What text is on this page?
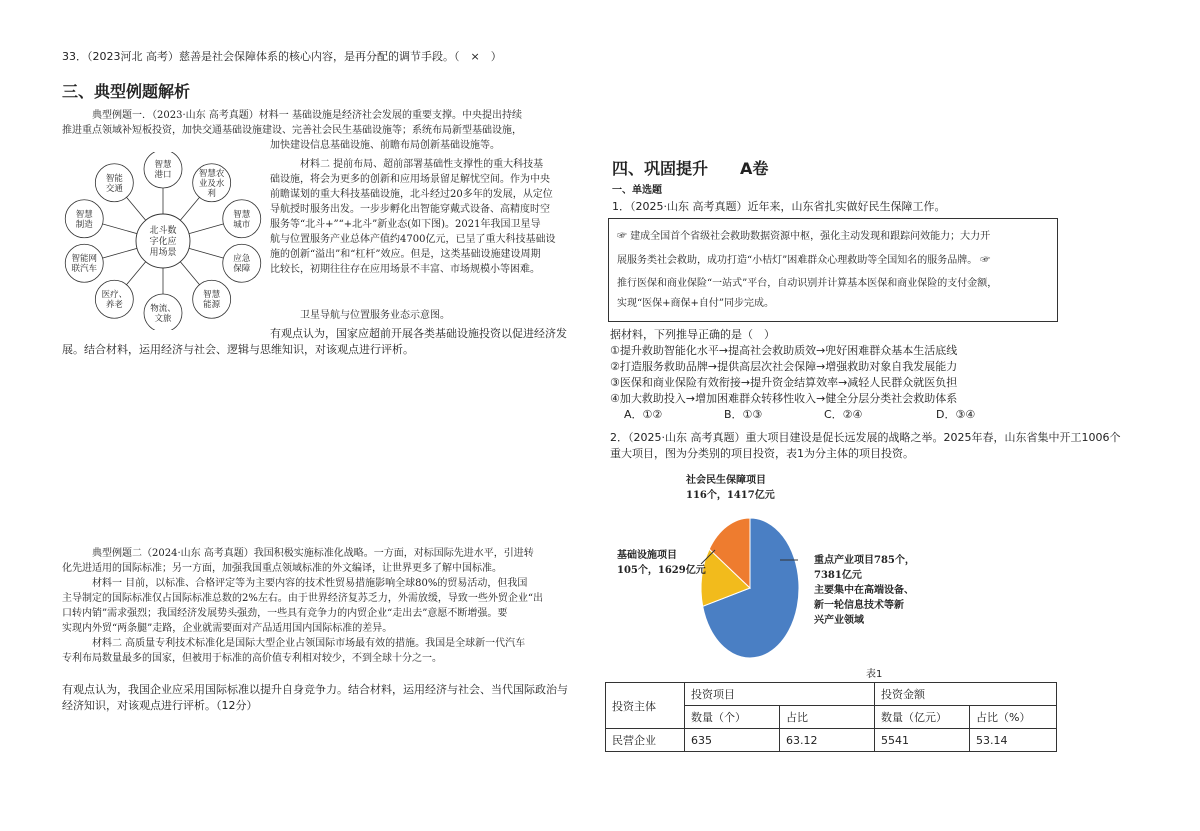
33．（2023河北 高考）慈善是社会保障体系的核心内容，是再分配的调节手段。（　×　）
三、典型例题解析
典型例题一．（2023·山东 高考真题）材料一 基础设施是经济社会发展的重要支撑。中央提出持续
推进重点领域补短板投资，加快交通基础设施建设、完善社会民生基础设施等；系统布局新型基础设施，
加快建设信息基础设施、前瞻布局创新基础设施等。
智慧港口	智慧农业及水利
智慧城市
应急保障
智慧能源
物流、文旅
医疗、养老
智能网联汽车
智慧制造
智能交通
北斗数字化应用场景
材料二 提前布局、超前部署基础性支撑性的重大科技基
础设施，将会为更多的创新和应用场景留足解忧空间。作为中央
前瞻谋划的重大科技基础设施，北斗经过20多年的发展，从定位
导航授时服务出发。一步步孵化出智能穿戴式设备、高精度时空
服务等“北斗+”“+北斗”新业态(如下图)。2021年我国卫星导
航与位置服务产业总体产值约4700亿元，已呈了重大科技基础设
施的创新“溢出”和“杠杆”效应。但是，这类基础设施建设周期
比较长，初期往往存在应用场景不丰富、市场规模小等困难。
卫星导航与位置服务业态示意图。
有观点认为，国家应超前开展各类基础设施投资以促进经济发
展。结合材料，运用经济与社会、逻辑与思维知识，对该观点进行评析。
典型例题二（2024·山东 高考真题）我国积极实施标准化战略。一方面，对标国际先进水平，引进转
化先进适用的国际标准；另一方面，加强我国重点领域标准的外文编译，让世界更多了解中国标准。
材料一 目前，以标准、合格评定等为主要内容的技术性贸易措施影响全球80%的贸易活动，但我国
主导制定的国际标准仅占国际标准总数的2%左右。由于世界经济复苏乏力，外需放缓，导致一些外贸企业“出
口转内销”需求强烈；我国经济发展势头强劲，一些具有竞争力的内贸企业“走出去”意愿不断增强。要
实现内外贸“两条腿”走路，企业就需要面对产品适用国内国际标准的差异。
材料二 高质量专利技术标准化是国际大型企业占领国际市场最有效的措施。我国是全球新一代汽车
专利布局数量最多的国家，但被用于标准的高价值专利相对较少，不到全球十分之一。
有观点认为，我国企业应采用国际标准以提升自身竞争力。结合材料，运用经济与社会、当代国际政治与
经济知识，对该观点进行评析。（12分）
四、巩固提升　　A卷
一、单选题
1．（2025·山东 高考真题）近年来，山东省扎实做好民生保障工作。
☞ 建成全国首个省级社会救助数据资源中枢，强化主动发现和跟踪问效能力；大力开
展服务类社会救助，成功打造“小桔灯”困难群众心理救助等全国知名的服务品牌。 ☞
推行医保和商业保险“一站式”平台，自动识别并计算基本医保和商业保险的支付金额，
实现“医保+商保+自付”同步完成。
据材料，下列推导正确的是（　）
①提升救助智能化水平→提高社会救助质效→兜好困难群众基本生活底线
②打造服务救助品牌→提供高层次社会保障→增强救助对象自我发展能力
③医保和商业保险有效衔接→提升资金结算效率→减轻人民群众就医负担
④加大救助投入→增加困难群众转移性收入→健全分层分类社会救助体系
A．①②	B．①③	C．②④	D．③④
2．（2025·山东 高考真题）重大项目建设是促长远发展的战略之举。2025年春，山东省集中开工1006个
重大项目，图为分类别的项目投资，表1为分主体的项目投资。
社会民生保障项目
116个，1417亿元
基础设施项目
105个，1629亿元
重点产业项目785个，
7381亿元
主要集中在高端设备、
新一轮信息技术等新
兴产业领域
表1
投资主体	投资项目		投资金额	
	数量（个）	占比	数量（亿元）	占比（%）
民营企业	635	63.12	5541	53.14
